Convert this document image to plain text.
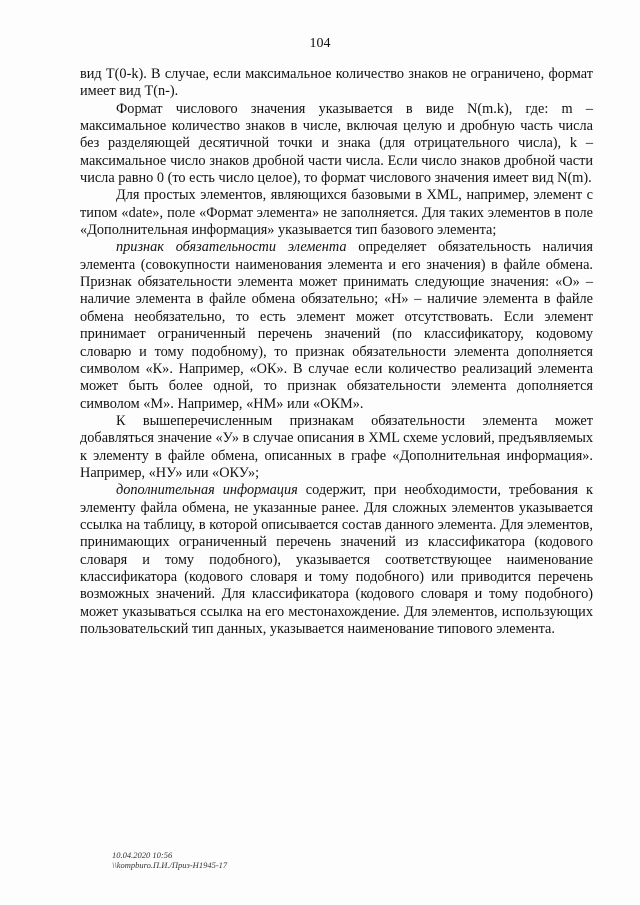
104

вид T(0-k). В случае, если максимальное количество знаков не ограничено, формат имеет вид T(n-).

Формат числового значения указывается в виде N(m.k), где: m – максимальное количество знаков в числе, включая целую и дробную часть числа без разделяющей десятичной точки и знака (для отрицательного числа), k – максимальное число знаков дробной части числа. Если число знаков дробной части числа равно 0 (то есть число целое), то формат числового значения имеет вид N(m).

Для простых элементов, являющихся базовыми в XML, например, элемент с типом «date», поле «Формат элемента» не заполняется. Для таких элементов в поле «Дополнительная информация» указывается тип базового элемента;

признак обязательности элемента определяет обязательность наличия элемента (совокупности наименования элемента и его значения) в файле обмена. Признак обязательности элемента может принимать следующие значения: «О» – наличие элемента в файле обмена обязательно; «Н» – наличие элемента в файле обмена необязательно, то есть элемент может отсутствовать. Если элемент принимает ограниченный перечень значений (по классификатору, кодовому словарю и тому подобному), то признак обязательности элемента дополняется символом «К». Например, «ОК». В случае если количество реализаций элемента может быть более одной, то признак обязательности элемента дополняется символом «М». Например, «НМ» или «ОКМ».

К вышеперечисленным признакам обязательности элемента может добавляться значение «У» в случае описания в XML схеме условий, предъявляемых к элементу в файле обмена, описанных в графе «Дополнительная информация». Например, «НУ» или «ОКУ»;

дополнительная информация содержит, при необходимости, требования к элементу файла обмена, не указанные ранее. Для сложных элементов указывается ссылка на таблицу, в которой описывается состав данного элемента. Для элементов, принимающих ограниченный перечень значений из классификатора (кодового словаря и тому подобного), указывается соответствующее наименование классификатора (кодового словаря и тому подобного) или приводится перечень возможных значений. Для классификатора (кодового словаря и тому подобного) может указываться ссылка на его местонахождение. Для элементов, использующих пользовательский тип данных, указывается наименование типового элемента.

10.04.2020 10:56
\\kompburo.П.И./Приз-Н1945-17
